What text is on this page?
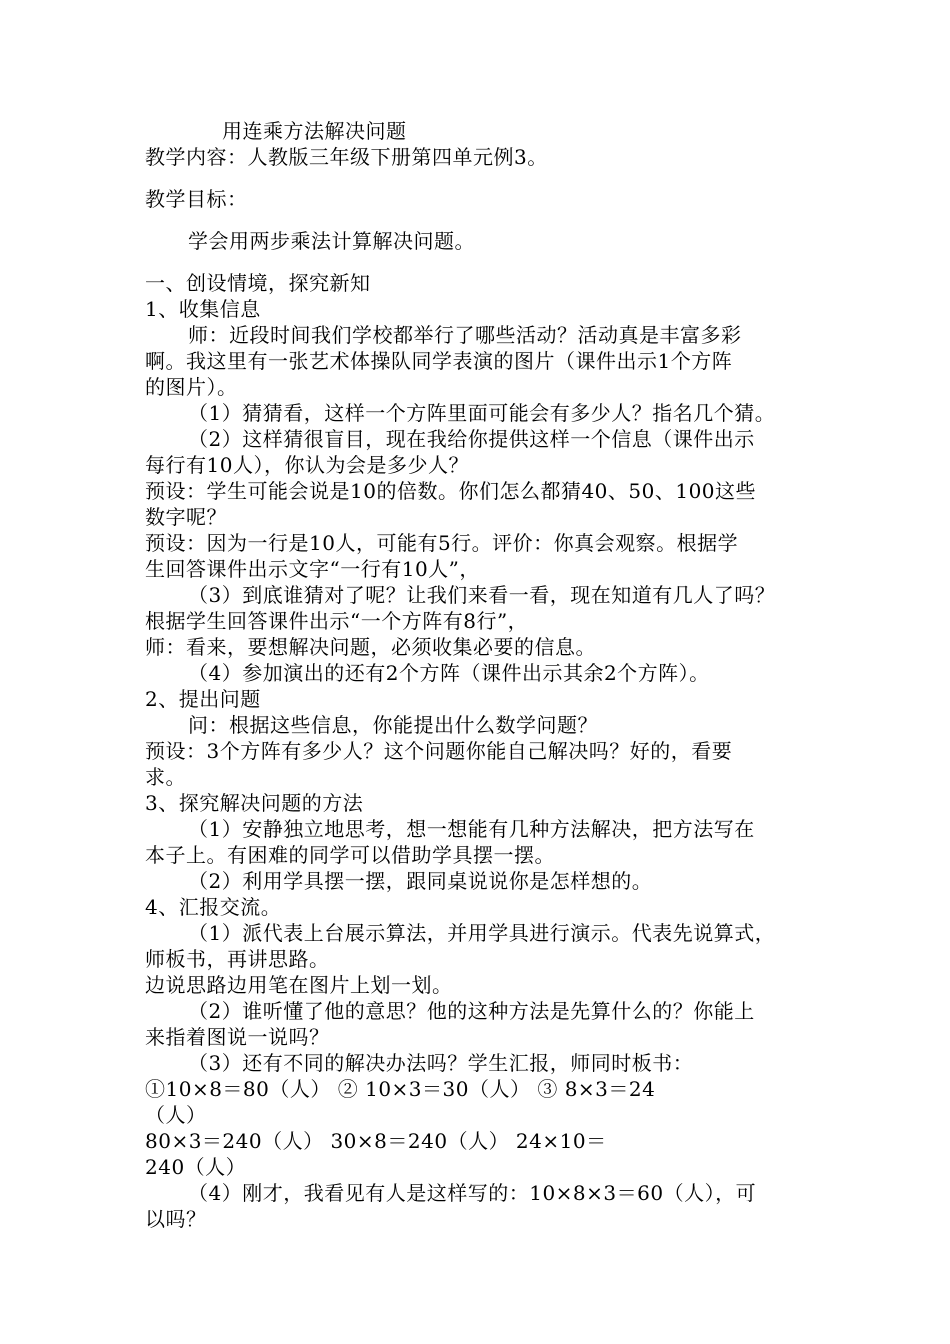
用连乘方法解决问题
教学内容：人教版三年级下册第四单元例3。
教学目标：
学会用两步乘法计算解决问题。
一、创设情境，探究新知
1、收集信息
师：近段时间我们学校都举行了哪些活动？活动真是丰富多彩
啊。我这里有一张艺术体操队同学表演的图片（课件出示1个方阵
的图片）。
（1）猜猜看，这样一个方阵里面可能会有多少人？指名几个猜。
（2）这样猜很盲目，现在我给你提供这样一个信息（课件出示
每行有10人），你认为会是多少人？
预设：学生可能会说是10的倍数。你们怎么都猜40、50、100这些
数字呢？
预设：因为一行是10人，可能有5行。评价：你真会观察。根据学
生回答课件出示文字“一行有10人”，
（3）到底谁猜对了呢？让我们来看一看，现在知道有几人了吗？
根据学生回答课件出示“一个方阵有8行”，
师：看来，要想解决问题，必须收集必要的信息。
（4）参加演出的还有2个方阵（课件出示其余2个方阵）。
2、提出问题
问：根据这些信息，你能提出什么数学问题？
预设：3个方阵有多少人？这个问题你能自己解决吗？好的，看要
求。
3、探究解决问题的方法
（1）安静独立地思考，想一想能有几种方法解决，把方法写在
本子上。有困难的同学可以借助学具摆一摆。
（2）利用学具摆一摆，跟同桌说说你是怎样想的。
4、汇报交流。
（1）派代表上台展示算法，并用学具进行演示。代表先说算式，
师板书，再讲思路。
边说思路边用笔在图片上划一划。
（2）谁听懂了他的意思？他的这种方法是先算什么的？你能上
来指着图说一说吗？
（3）还有不同的解决办法吗？学生汇报，师同时板书：
①10×8＝80（人） ② 10×3＝30（人） ③ 8×3＝24
（人）
80×3＝240（人） 30×8＝240（人） 24×10＝
240（人）
（4）刚才，我看见有人是这样写的：10×8×3＝60（人），可
以吗？
